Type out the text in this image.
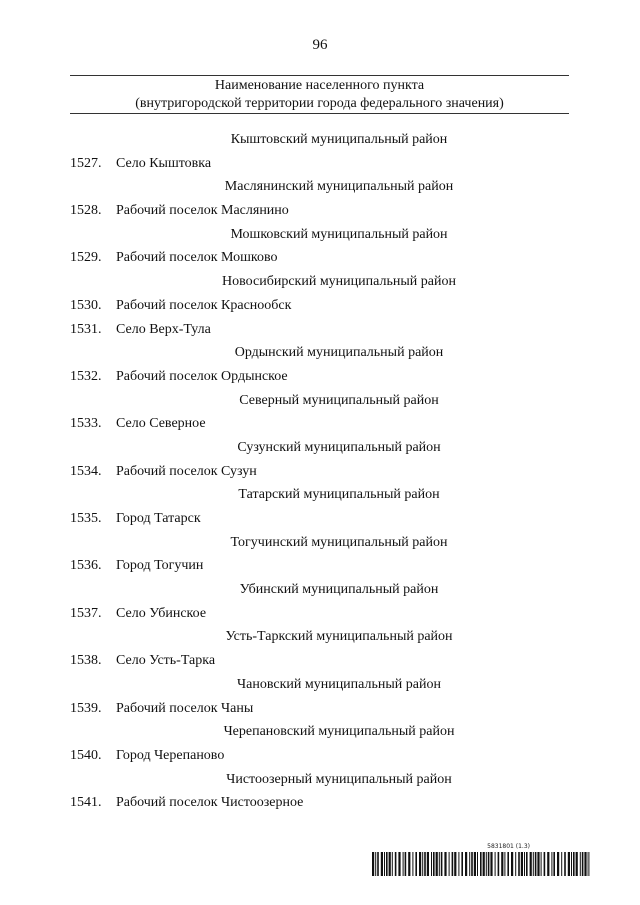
96
Наименование населенного пункта
(внутригородской территории города федерального значения)
Кыштовский муниципальный район
1527.	Село Кыштовка
Маслянинский муниципальный район
1528.	Рабочий поселок Маслянино
Мошковский муниципальный район
1529.	Рабочий поселок Мошково
Новосибирский муниципальный район
1530.	Рабочий поселок Краснообск
1531.	Село Верх-Тула
Ордынский муниципальный район
1532.	Рабочий поселок Ордынское
Северный муниципальный район
1533.	Село Северное
Сузунский муниципальный район
1534.	Рабочий поселок Сузун
Татарский муниципальный район
1535.	Город Татарск
Тогучинский муниципальный район
1536.	Город Тогучин
Убинский муниципальный район
1537.	Село Убинское
Усть-Таркский муниципальный район
1538.	Село Усть-Тарка
Чановский муниципальный район
1539.	Рабочий поселок Чаны
Черепановский муниципальный район
1540.	Город Черепаново
Чистоозерный муниципальный район
1541.	Рабочий поселок Чистоозерное
5831801 (1.3)
